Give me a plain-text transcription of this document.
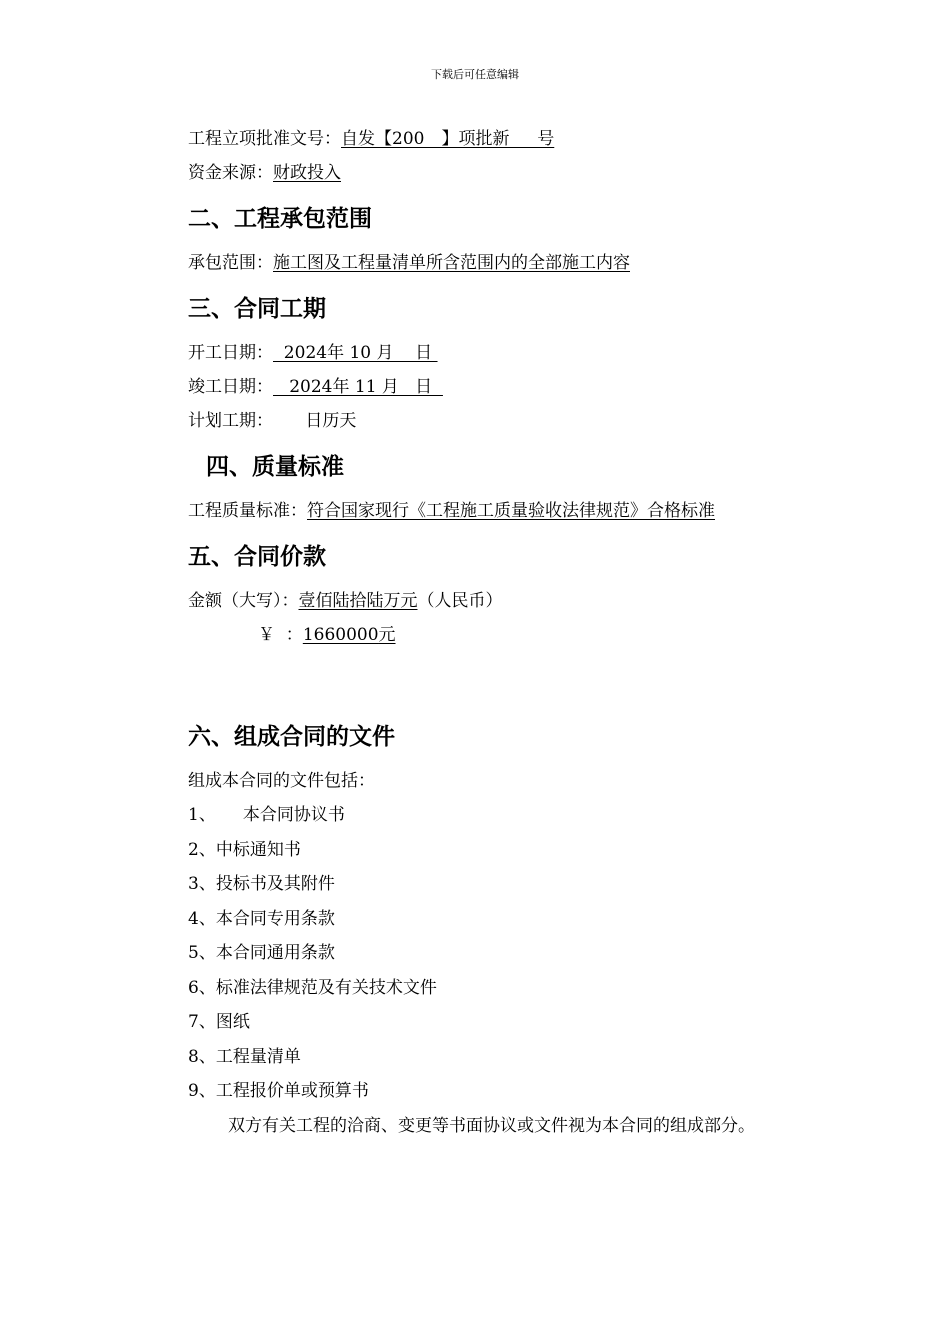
下载后可任意编辑
工程立项批准文号：自发【200　】项批新　  号
资金来源：财政投入
二、工程承包范围
承包范围：施工图及工程量清单所含范围内的全部施工内容
三、合同工期
开工日期：  2024年 10 月    日
竣工日期：   2024年 11 月   日
计划工期：      日历天
四、质量标准
工程质量标准：符合国家现行《工程施工质量验收法律规范》合格标准
五、合同价款
金额（大写）：壹佰陆拾陆万元（人民币）
￥  ：1660000元
六、组成合同的文件
组成本合同的文件包括：
1、     本合同协议书
2、中标通知书
3、投标书及其附件
4、本合同专用条款
5、本合同通用条款
6、标准法律规范及有关技术文件
7、图纸
8、工程量清单
9、工程报价单或预算书
双方有关工程的洽商、变更等书面协议或文件视为本合同的组成部分。
